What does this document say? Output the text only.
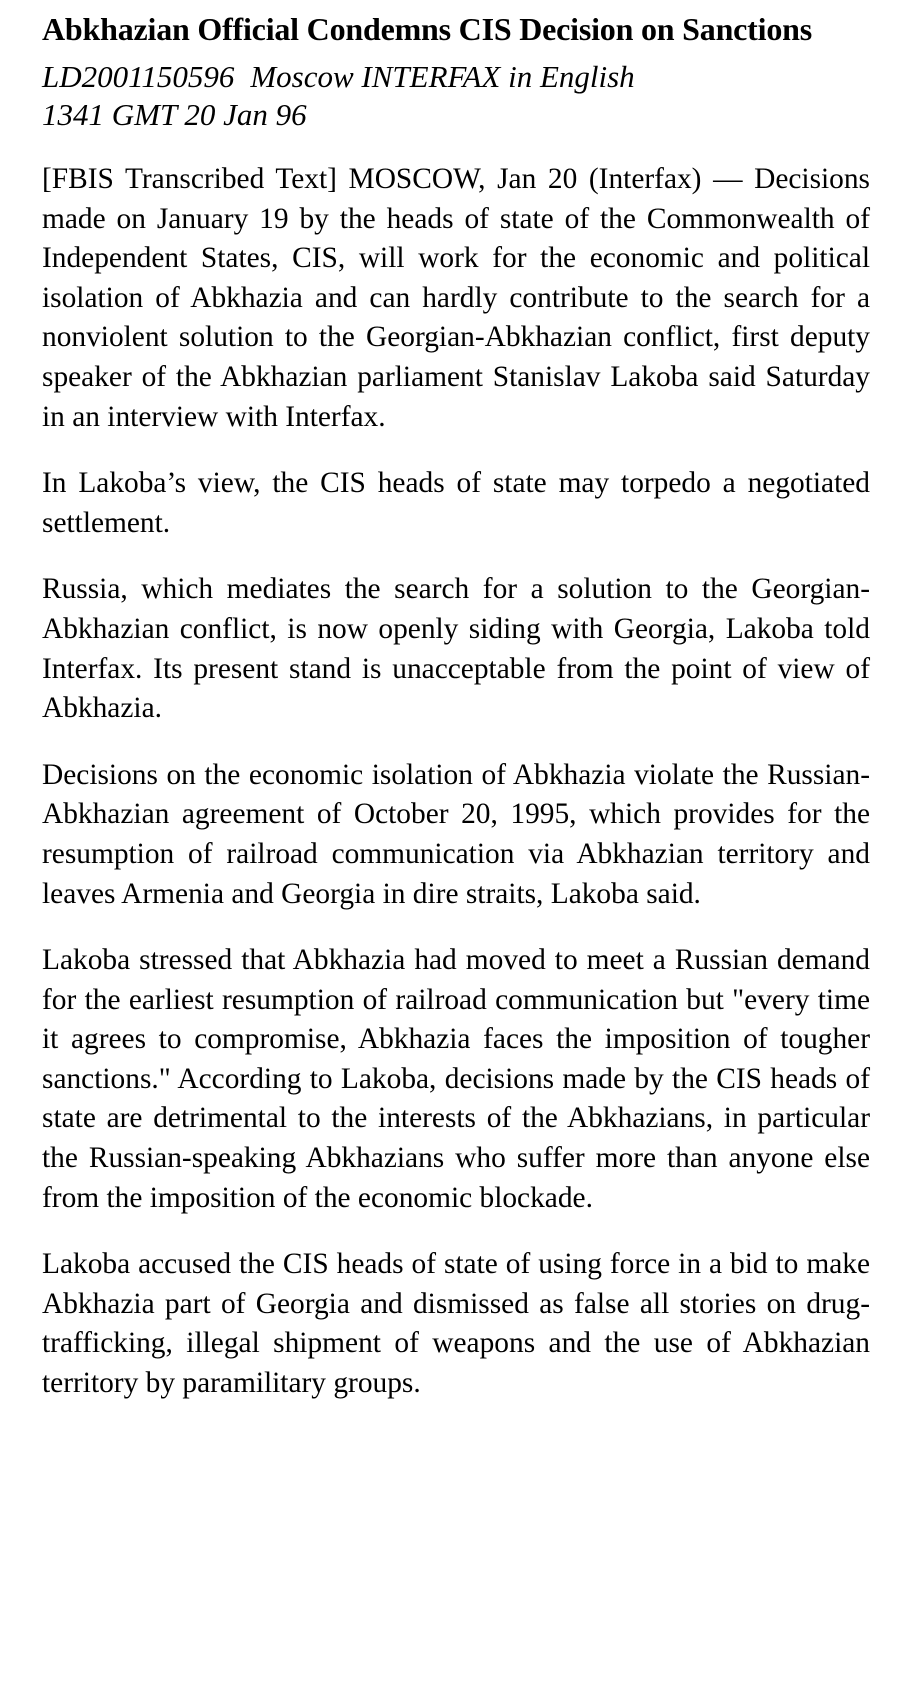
Abkhazian Official Condemns CIS Decision on Sanctions
LD2001150596 Moscow INTERFAX in English
1341 GMT 20 Jan 96

[FBIS Transcribed Text] MOSCOW, Jan 20 (Interfax) — Decisions made on January 19 by the heads of state of the Commonwealth of Independent States, CIS, will work for the economic and political isolation of Abkhazia and can hardly contribute to the search for a nonviolent solution to the Georgian-Abkhazian conflict, first deputy speaker of the Abkhazian parliament Stanislav Lakoba said Saturday in an interview with Interfax.

In Lakoba’s view, the CIS heads of state may torpedo a negotiated settlement.

Russia, which mediates the search for a solution to the Georgian-Abkhazian conflict, is now openly siding with Georgia, Lakoba told Interfax. Its present stand is unacceptable from the point of view of Abkhazia.

Decisions on the economic isolation of Abkhazia violate the Russian-Abkhazian agreement of October 20, 1995, which provides for the resumption of railroad communication via Abkhazian territory and leaves Armenia and Georgia in dire straits, Lakoba said.

Lakoba stressed that Abkhazia had moved to meet a Russian demand for the earliest resumption of railroad communication but "every time it agrees to compromise, Abkhazia faces the imposition of tougher sanctions." According to Lakoba, decisions made by the CIS heads of state are detrimental to the interests of the Abkhazians, in particular the Russian-speaking Abkhazians who suffer more than anyone else from the imposition of the economic blockade.

Lakoba accused the CIS heads of state of using force in a bid to make Abkhazia part of Georgia and dismissed as false all stories on drug-trafficking, illegal shipment of weapons and the use of Abkhazian territory by paramilitary groups.
